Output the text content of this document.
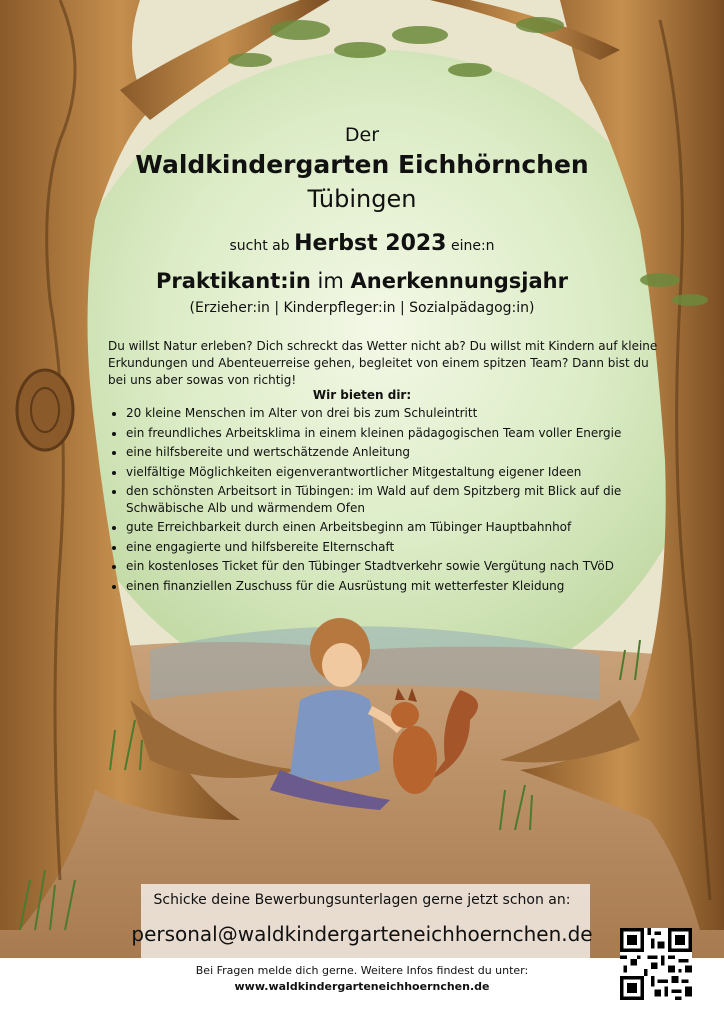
Der
Waldkindergarten Eichhörnchen
Tübingen
sucht ab Herbst 2023 eine:n
Praktikant:in im Anerkennungsjahr
(Erzieher:in | Kinderpfleger:in | Sozialpädagog:in)
Du willst Natur erleben? Dich schreckt das Wetter nicht ab? Du willst mit Kindern auf kleine Erkundungen und Abenteuerreise gehen, begleitet von einem spitzen Team? Dann bist du bei uns aber sowas von richtig!
Wir bieten dir:
• 20 kleine Menschen im Alter von drei bis zum Schuleintritt
• ein freundliches Arbeitsklima in einem kleinen pädagogischen Team voller Energie
• eine hilfsbereite und wertschätzende Anleitung
• vielfältige Möglichkeiten eigenverantwortlicher Mitgestaltung eigener Ideen
• den schönsten Arbeitsort in Tübingen: im Wald auf dem Spitzberg mit Blick auf die Schwäbische Alb und wärmendem Ofen
• gute Erreichbarkeit durch einen Arbeitsbeginn am Tübinger Hauptbahnhof
• eine engagierte und hilfsbereite Elternschaft
• ein kostenloses Ticket für den Tübinger Stadtverkehr sowie Vergütung nach TVöD
• einen finanziellen Zuschuss für die Ausrüstung mit wetterfester Kleidung
Schicke deine Bewerbungsunterlagen gerne jetzt schon an:
personal@waldkindergarteneichhoernchen.de
Bei Fragen melde dich gerne. Weitere Infos findest du unter:
www.waldkindergarteneichhoernchen.de
